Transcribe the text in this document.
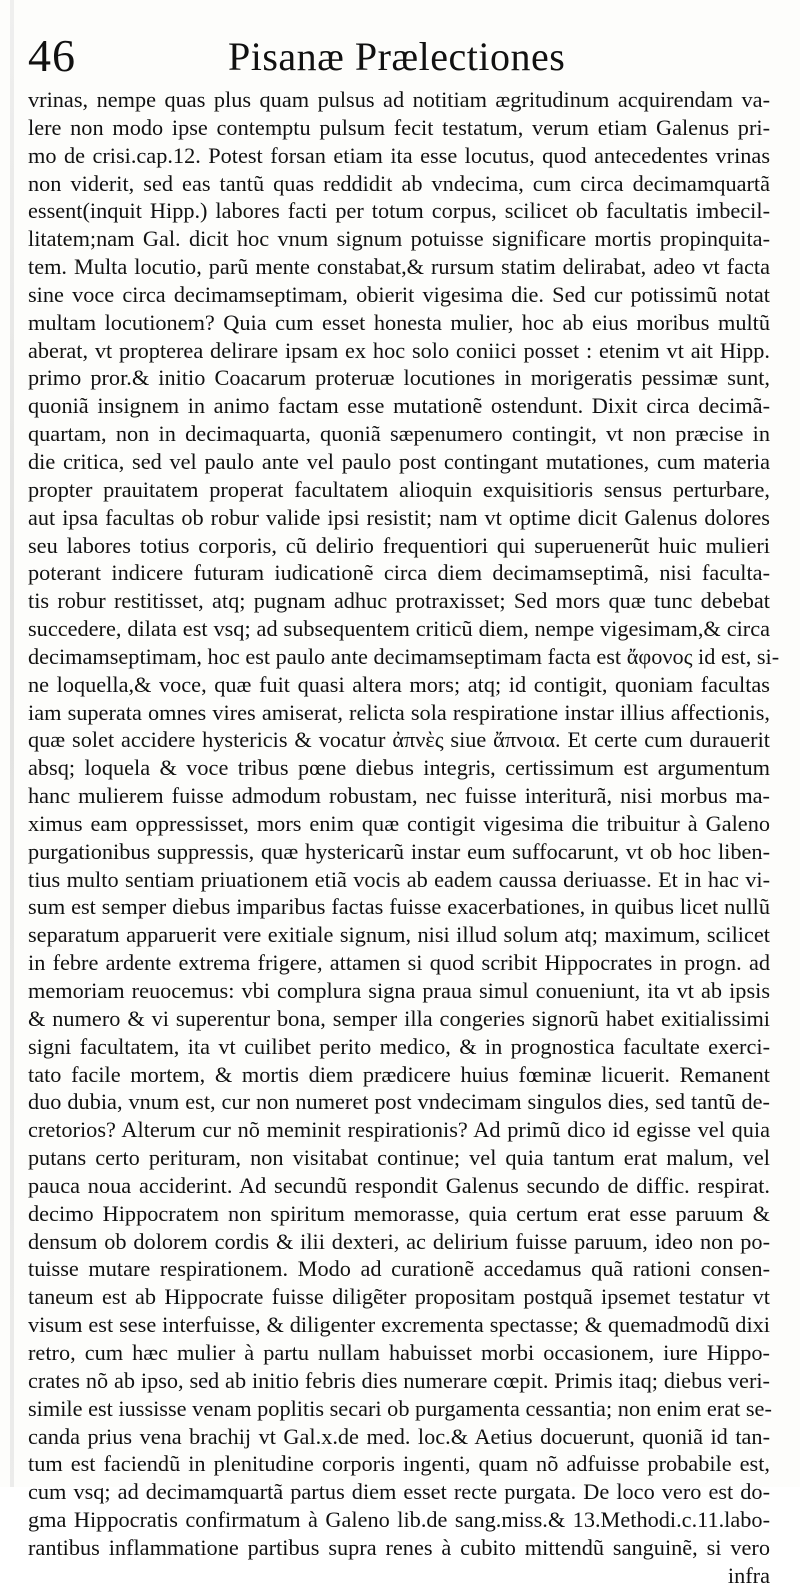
46	Pisanæ Prælectiones
vrinas, nempe quas plus quam pulsus ad notitiam ægritudinum acquirendam va-
lere non modo ipse contemptu pulsum fecit testatum, verum etiam Galenus pri-
mo de crisi.cap.12. Potest forsan etiam ita esse locutus, quod antecedentes vrinas
non viderit, sed eas tantũ quas reddidit ab vndecima, cum circa decimamquartã
essent(inquit Hipp.) labores facti per totum corpus, scilicet ob facultatis imbecil-
litatem;nam Gal. dicit hoc vnum signum potuisse significare mortis propinquita-
tem. Multa locutio, parũ mente constabat,& rursum statim delirabat, adeo vt facta
sine voce circa decimamseptimam, obierit vigesima die. Sed cur potissimũ notat
multam locutionem? Quia cum esset honesta mulier, hoc ab eius moribus multũ
aberat, vt propterea delirare ipsam ex hoc solo coniici posset : etenim vt ait Hipp.
primo pror.& initio Coacarum proteruæ locutiones in morigeratis pessimæ sunt,
quoniã insignem in animo factam esse mutationẽ ostendunt. Dixit circa decimã-
quartam, non in decimaquarta, quoniã sæpenumero contingit, vt non præcise in
die critica, sed vel paulo ante vel paulo post contingant mutationes, cum materia
propter prauitatem properat facultatem alioquin exquisitioris sensus perturbare,
aut ipsa facultas ob robur valide ipsi resistit; nam vt optime dicit Galenus dolores
seu labores totius corporis, cũ delirio frequentiori qui superuenerũt huic mulieri
poterant indicere futuram iudicationẽ circa diem decimamseptimã, nisi faculta-
tis robur restitisset, atq; pugnam adhuc protraxisset; Sed mors quæ tunc debebat
succedere, dilata est vsq; ad subsequentem criticũ diem, nempe vigesimam,& circa
decimamseptimam, hoc est paulo ante decimamseptimam facta est ἄφονος id est, si-
ne loquella,& voce, quæ fuit quasi altera mors; atq; id contigit, quoniam facultas
iam superata omnes vires amiserat, relicta sola respiratione instar illius affectionis,
quæ solet accidere hystericis & vocatur ἀπνὲς siue ἄπνοια. Et certe cum durauerit
absq; loquela & voce tribus pœne diebus integris, certissimum est argumentum
hanc mulierem fuisse admodum robustam, nec fuisse interiturã, nisi morbus ma-
ximus eam oppressisset, mors enim quæ contigit vigesima die tribuitur à Galeno
purgationibus suppressis, quæ hystericarũ instar eum suffocarunt, vt ob hoc liben-
tius multo sentiam priuationem etiã vocis ab eadem caussa deriuasse. Et in hac vi-
sum est semper diebus imparibus factas fuisse exacerbationes, in quibus licet nullũ
separatum apparuerit vere exitiale signum, nisi illud solum atq; maximum, scilicet
in febre ardente extrema frigere, attamen si quod scribit Hippocrates in progn. ad
memoriam reuocemus: vbi complura signa praua simul conueniunt, ita vt ab ipsis
& numero & vi superentur bona, semper illa congeries signorũ habet exitialissimi
signi facultatem, ita vt cuilibet perito medico, & in prognostica facultate exerci-
tato facile mortem, & mortis diem prædicere huius fœminæ licuerit. Remanent
duo dubia, vnum est, cur non numeret post vndecimam singulos dies, sed tantũ de-
cretorios? Alterum cur nõ meminit respirationis? Ad primũ dico id egisse vel quia
putans certo perituram, non visitabat continue; vel quia tantum erat malum, vel
pauca noua acciderint. Ad secundũ respondit Galenus secundo de diffic. respirat.
decimo Hippocratem non spiritum memorasse, quia certum erat esse paruum &
densum ob dolorem cordis & ilii dexteri, ac delirium fuisse paruum, ideo non po-
tuisse mutare respirationem. Modo ad curationẽ accedamus quã rationi consen-
taneum est ab Hippocrate fuisse diligẽter propositam postquã ipsemet testatur vt
visum est sese interfuisse, & diligenter excrementa spectasse; & quemadmodũ dixi
retro, cum hæc mulier à partu nullam habuisset morbi occasionem, iure Hippo-
crates nõ ab ipso, sed ab initio febris dies numerare cœpit. Primis itaq; diebus veri-
simile est iussisse venam poplitis secari ob purgamenta cessantia; non enim erat se-
canda prius vena brachij vt Gal.x.de med. loc.& Aetius docuerunt, quoniã id tan-
tum est faciendũ in plenitudine corporis ingenti, quam nõ adfuisse probabile est,
cum vsq; ad decimamquartã partus diem esset recte purgata. De loco vero est do-
gma Hippocratis confirmatum à Galeno lib.de sang.miss.& 13.Methodi.c.11.labo-
rantibus inflammatione partibus supra renes à cubito mittendũ sanguinẽ, si vero
infra
